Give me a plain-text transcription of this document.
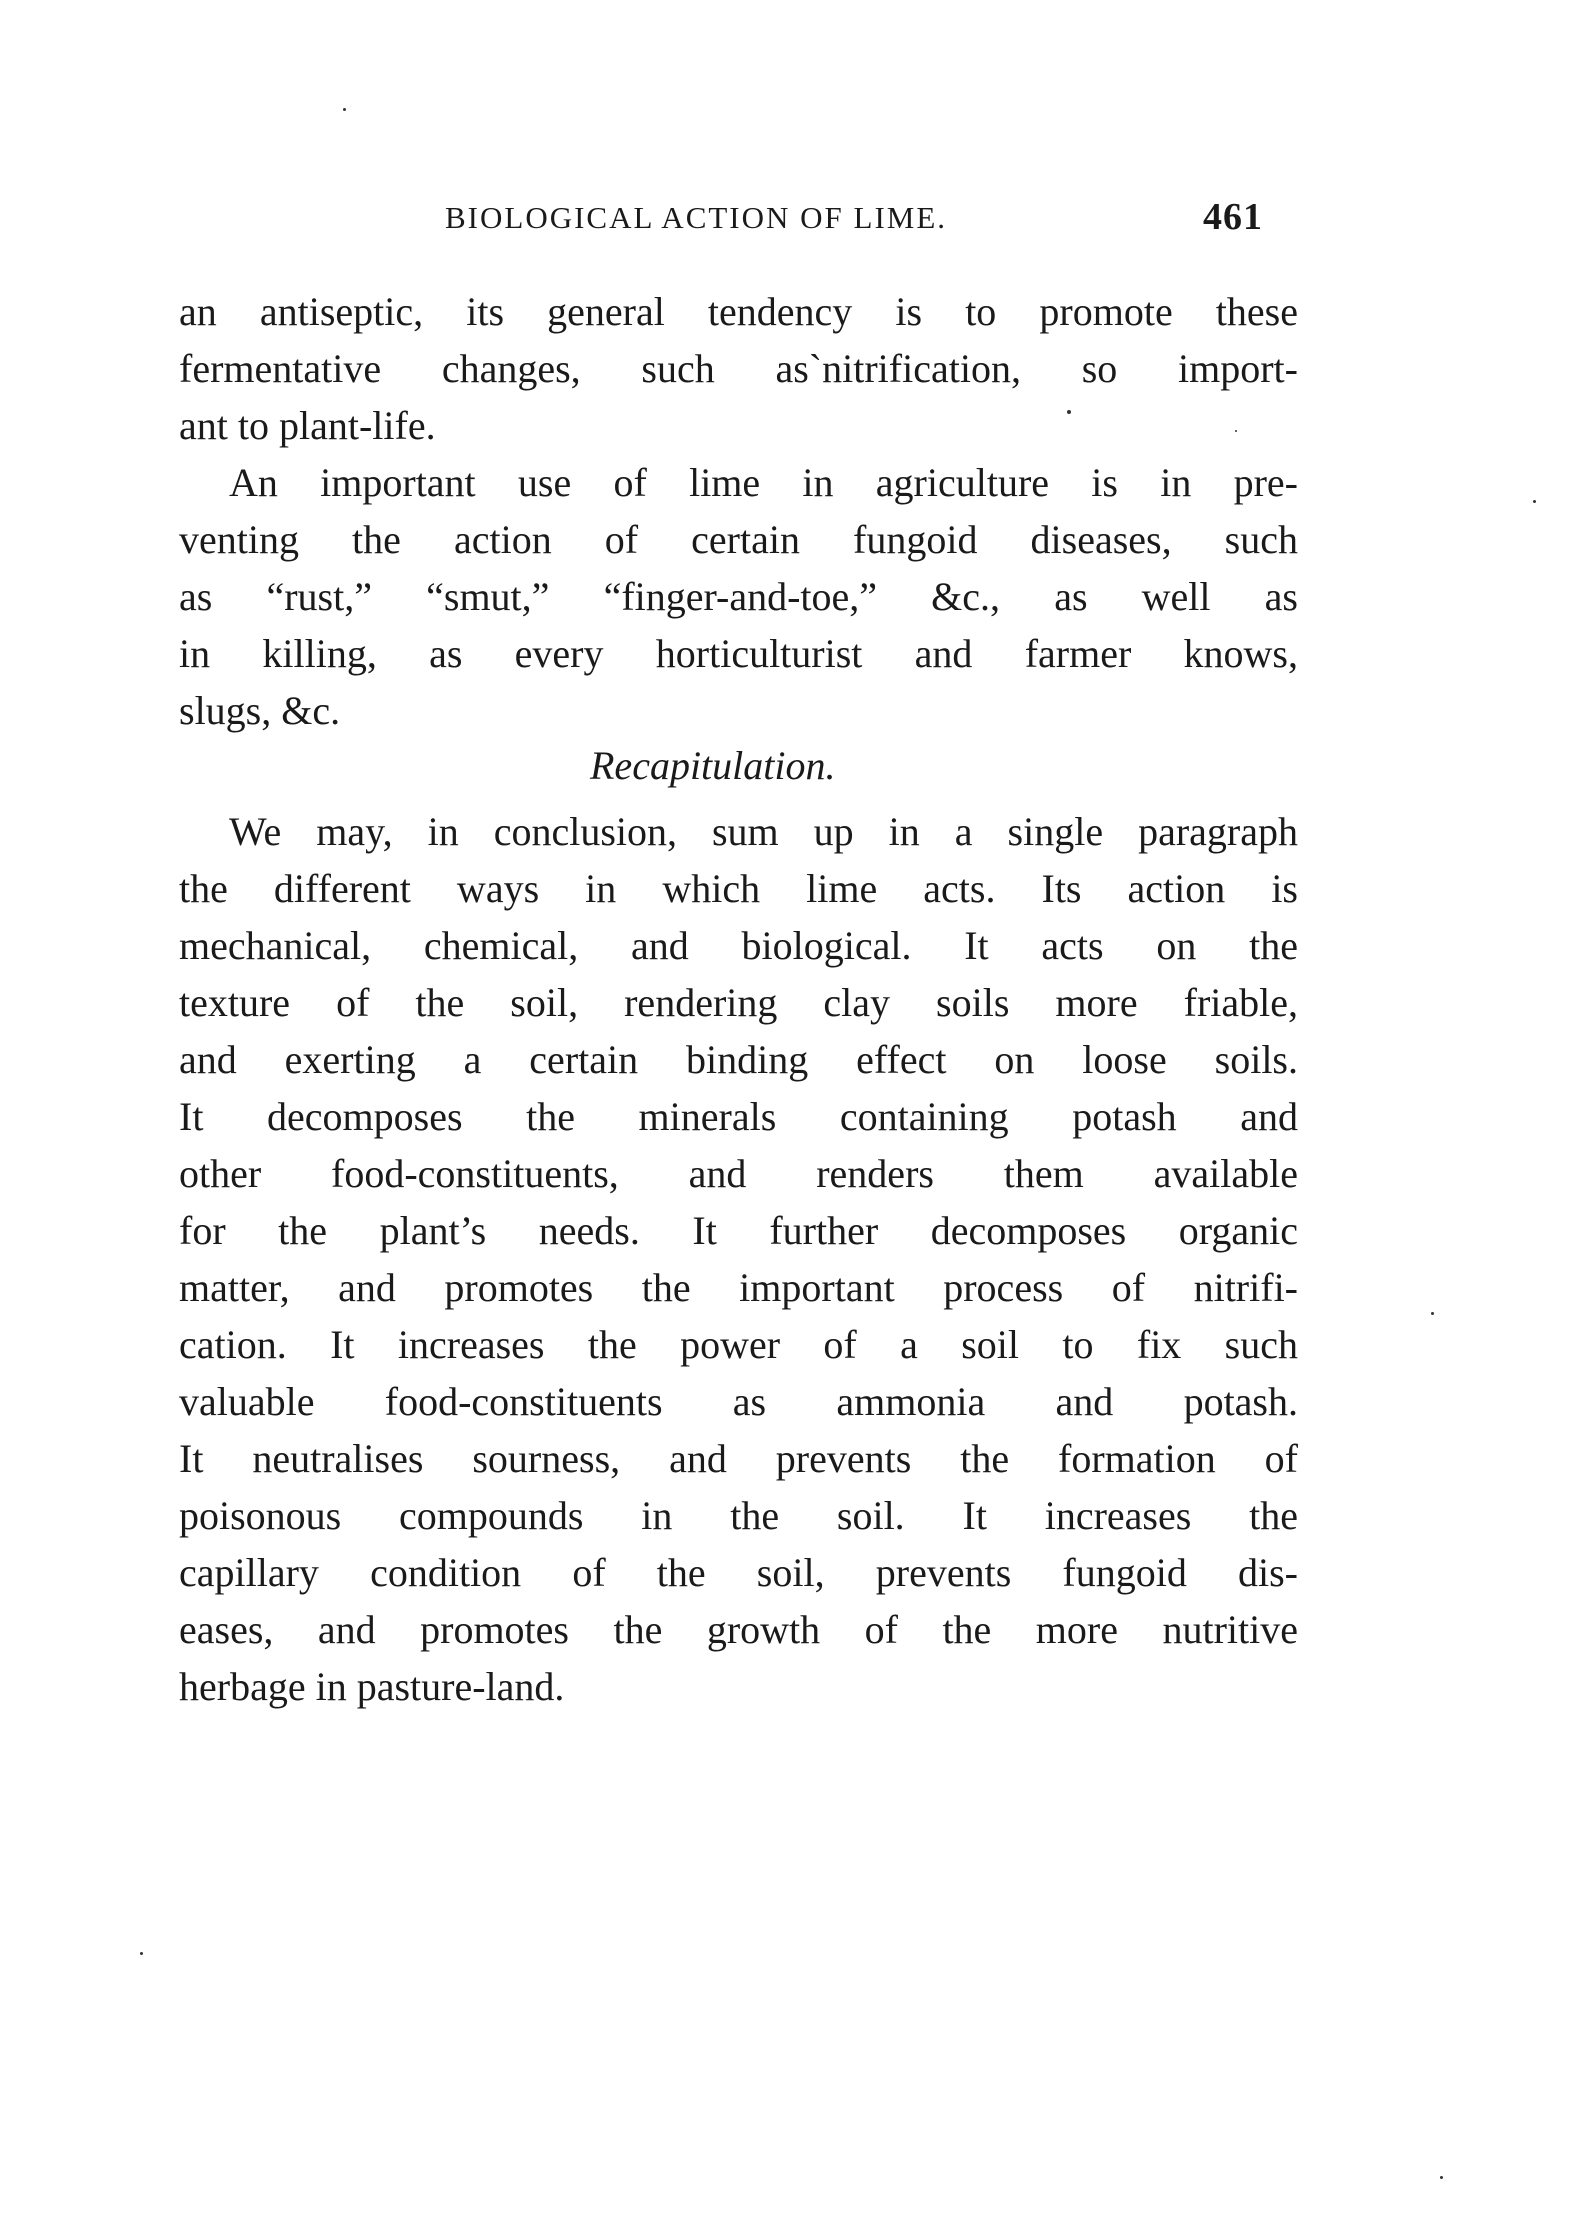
BIOLOGICAL ACTION OF LIME.	461
an antiseptic, its general tendency is to promote these
fermentative changes, such as`nitrification, so import-
ant to plant-life.
An important use of lime in agriculture is in pre-
venting the action of certain fungoid diseases, such
as “rust,” “smut,” “finger-and-toe,” &c., as well as
in killing, as every horticulturist and farmer knows,
slugs, &c.
Recapitulation.
We may, in conclusion, sum up in a single paragraph
the different ways in which lime acts. Its action is
mechanical, chemical, and biological. It acts on the
texture of the soil, rendering clay soils more friable,
and exerting a certain binding effect on loose soils.
It decomposes the minerals containing potash and
other food-constituents, and renders them available
for the plant’s needs. It further decomposes organic
matter, and promotes the important process of nitrifi-
cation. It increases the power of a soil to fix such
valuable food-constituents as ammonia and potash.
It neutralises sourness, and prevents the formation of
poisonous compounds in the soil. It increases the
capillary condition of the soil, prevents fungoid dis-
eases, and promotes the growth of the more nutritive
herbage in pasture-land.
